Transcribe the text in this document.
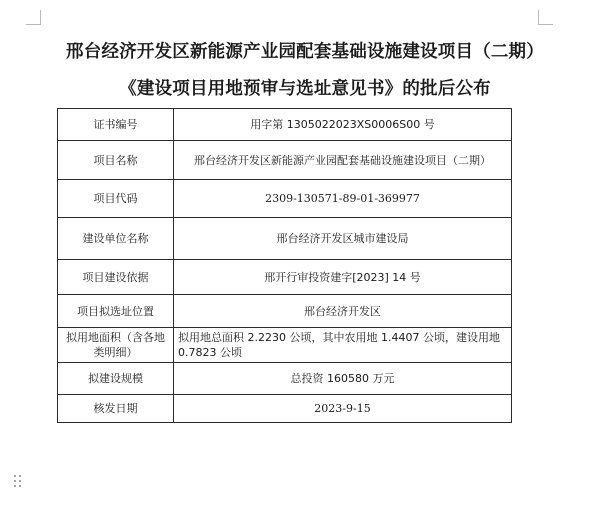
邢台经济开发区新能源产业园配套基础设施建设项目（二期）
《建设项目用地预审与选址意见书》的批后公布
证书编号	用字第 1305022023XS0006S00 号
项目名称	邢台经济开发区新能源产业园配套基础设施建设项目（二期）
项目代码	2309-130571-89-01-369977
建设单位名称	邢台经济开发区城市建设局
项目建设依据	邢开行审投资建字[2023] 14 号
项目拟选址位置	邢台经济开发区
拟用地面积（含各地类明细）	拟用地总面积 2.2230 公顷，其中农用地 1.4407 公顷，建设用地 0.7823 公顷
拟建设规模	总投资 160580 万元
核发日期	2023-9-15
